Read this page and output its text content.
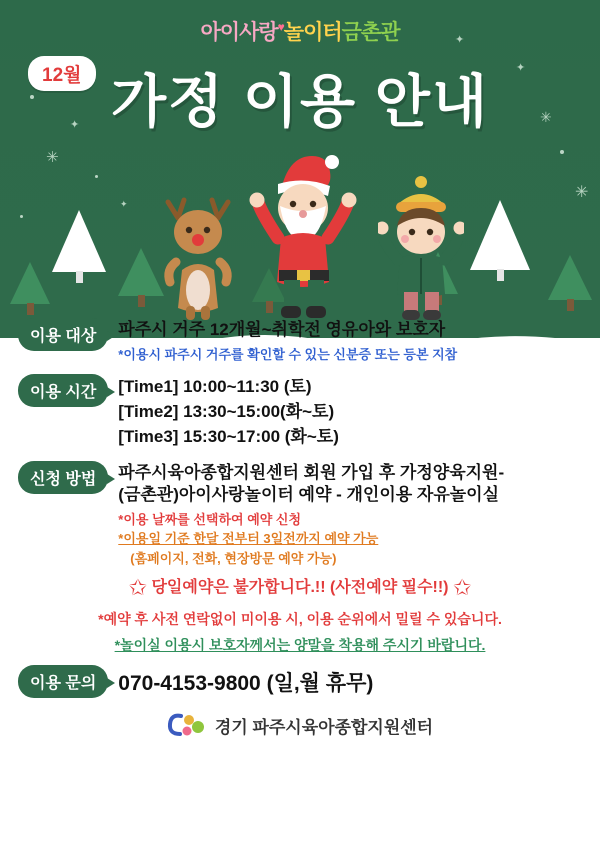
✦
✳
✳
✳
✦
✦
✦
아이사랑♥놀이터금촌관
12월 가정 이용 안내
이용 대상	파주시 거주 12개월~취학전 영유아와 보호자
*이용시 파주시 거주를 확인할 수 있는 신분증 또는 등본 지참
이용 시간	[Time1] 10:00~11:30 (토)
[Time2] 13:30~15:00(화~토)
[Time3] 15:30~17:00 (화~토)
신청 방법	파주시육아종합지원센터 회원 가입 후 가정양육지원-
(금촌관)아이사랑놀이터 예약 - 개인이용 자유놀이실
*이용 날짜를 선택하여 예약 신청
*이용일 기준 한달 전부터 3일전까지 예약 가능
(홈페이지, 전화, 현장방문 예약 가능)
✩ 당일예약은 불가합니다.!! (사전예약 필수!!) ✩
*예약 후 사전 연락없이 미이용 시, 이용 순위에서 밀릴 수 있습니다.
*놀이실 이용시 보호자께서는 양말을 착용해 주시기 바랍니다.
이용 문의	070-4153-9800 (일,월 휴무)
경기 파주시육아종합지원센터
